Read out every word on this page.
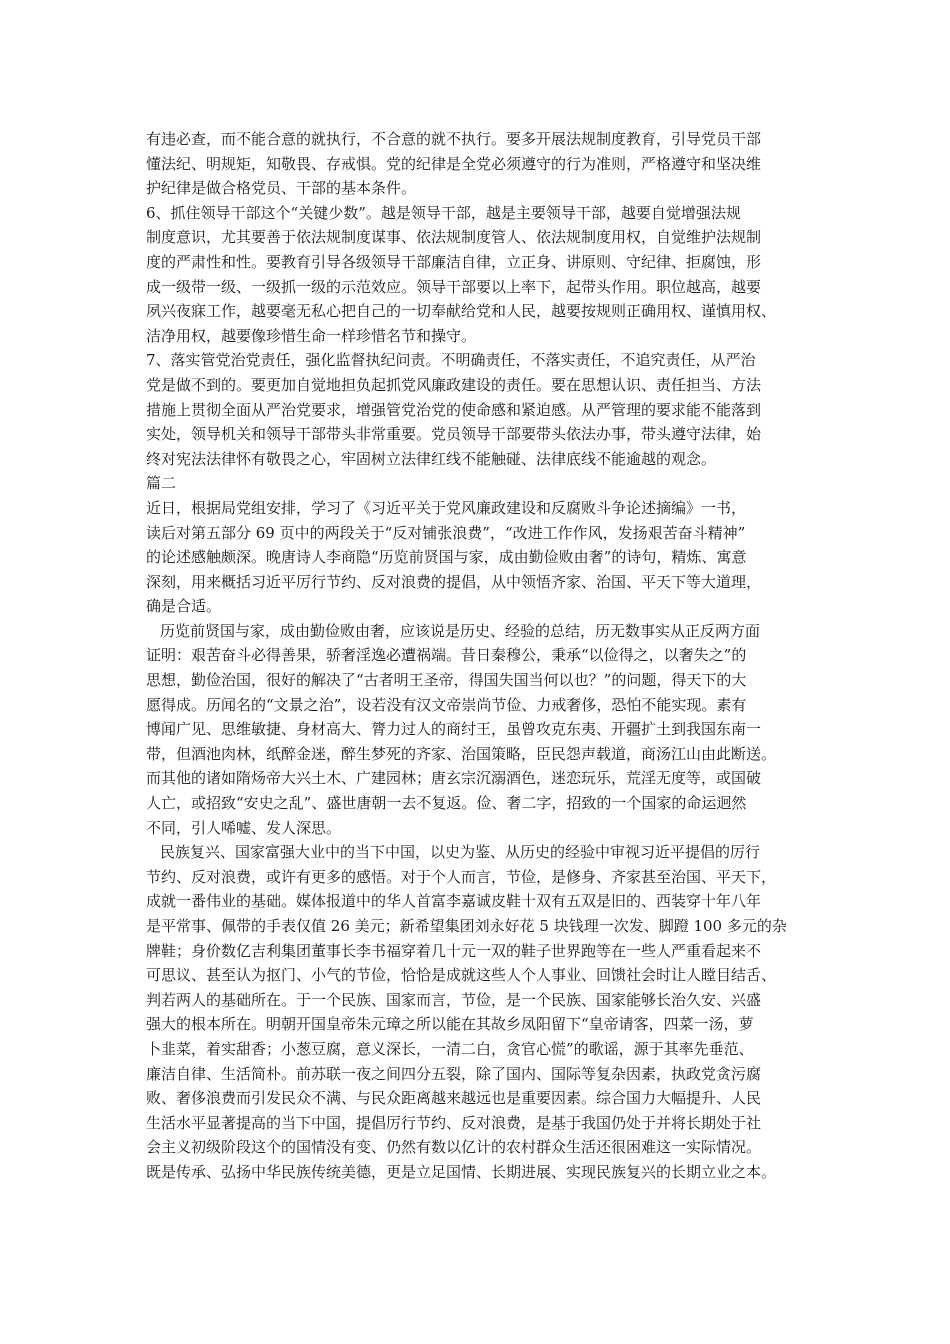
有违必查，而不能合意的就执行，不合意的就不执行。要多开展法规制度教育，引导党员干部
懂法纪、明规矩，知敬畏、存戒惧。党的纪律是全党必须遵守的行为准则，严格遵守和坚决维
护纪律是做合格党员、干部的基本条件。
6、抓住领导干部这个“关键少数”。越是领导干部，越是主要领导干部，越要自觉增强法规
制度意识，尤其要善于依法规制度谋事、依法规制度管人、依法规制度用权，自觉维护法规制
度的严肃性和性。要教育引导各级领导干部廉洁自律，立正身、讲原则、守纪律、拒腐蚀，形
成一级带一级、一级抓一级的示范效应。领导干部要以上率下，起带头作用。职位越高，越要
夙兴夜寐工作，越要毫无私心把自己的一切奉献给党和人民，越要按规则正确用权、谨慎用权、
洁净用权，越要像珍惜生命一样珍惜名节和操守。
7、落实管党治党责任，强化监督执纪问责。不明确责任，不落实责任，不追究责任，从严治
党是做不到的。要更加自觉地担负起抓党风廉政建设的责任。要在思想认识、责任担当、方法
措施上贯彻全面从严治党要求，增强管党治党的使命感和紧迫感。从严管理的要求能不能落到
实处，领导机关和领导干部带头非常重要。党员领导干部要带头依法办事，带头遵守法律，始
终对宪法法律怀有敬畏之心，牢固树立法律红线不能触碰、法律底线不能逾越的观念。
篇二
近日，根据局党组安排，学习了《习近平关于党风廉政建设和反腐败斗争论述摘编》一书，
读后对第五部分 69 页中的两段关于“反对铺张浪费”，“改进工作作风，发扬艰苦奋斗精神”
的论述感触颇深。晚唐诗人李商隐“历览前贤国与家，成由勤俭败由奢”的诗句，精炼、寓意
深刻，用来概括习近平厉行节约、反对浪费的提倡，从中领悟齐家、治国、平天下等大道理，
确是合适。
历览前贤国与家，成由勤俭败由奢，应该说是历史、经验的总结，历无数事实从正反两方面
证明：艰苦奋斗必得善果，骄奢淫逸必遭祸端。昔日秦穆公，秉承“以俭得之，以奢失之”的
思想，勤俭治国，很好的解决了“古者明王圣帝，得国失国当何以也？”的问题，得天下的大
愿得成。历闻名的“文景之治”，设若没有汉文帝崇尚节俭、力戒奢侈，恐怕不能实现。素有
博闻广见、思维敏捷、身材高大、膂力过人的商纣王，虽曾攻克东夷、开疆扩土到我国东南一
带，但酒池肉林，纸醉金迷，醉生梦死的齐家、治国策略，臣民怨声载道，商汤江山由此断送。
而其他的诸如隋炀帝大兴土木、广建园林；唐玄宗沉溺酒色，迷恋玩乐，荒淫无度等，或国破
人亡，或招致“安史之乱”、盛世唐朝一去不复返。俭、奢二字，招致的一个国家的命运迥然
不同，引人唏嘘、发人深思。
民族复兴、国家富强大业中的当下中国，以史为鉴、从历史的经验中审视习近平提倡的厉行
节约、反对浪费，或许有更多的感悟。对于个人而言，节俭，是修身、齐家甚至治国、平天下，
成就一番伟业的基础。媒体报道中的华人首富李嘉诚皮鞋十双有五双是旧的、西装穿十年八年
是平常事、佩带的手表仅值 26 美元；新希望集团刘永好花 5 块钱理一次发、脚蹬 100 多元的杂
牌鞋；身价数亿吉利集团董事长李书福穿着几十元一双的鞋子世界跑等在一些人严重看起来不
可思议、甚至认为抠门、小气的节俭，恰恰是成就这些人个人事业、回馈社会时让人瞠目结舌、
判若两人的基础所在。于一个民族、国家而言，节俭，是一个民族、国家能够长治久安、兴盛
强大的根本所在。明朝开国皇帝朱元璋之所以能在其故乡凤阳留下“皇帝请客，四菜一汤，萝
卜韭菜，着实甜香；小葱豆腐，意义深长，一清二白，贪官心慌”的歌谣，源于其率先垂范、
廉洁自律、生活简朴。前苏联一夜之间四分五裂，除了国内、国际等复杂因素，执政党贪污腐
败、奢侈浪费而引发民众不满、与民众距离越来越远也是重要因素。综合国力大幅提升、人民
生活水平显著提高的当下中国，提倡厉行节约、反对浪费，是基于我国仍处于并将长期处于社
会主义初级阶段这个的国情没有变、仍然有数以亿计的农村群众生活还很困难这一实际情况。
既是传承、弘扬中华民族传统美德，更是立足国情、长期进展、实现民族复兴的长期立业之本。
